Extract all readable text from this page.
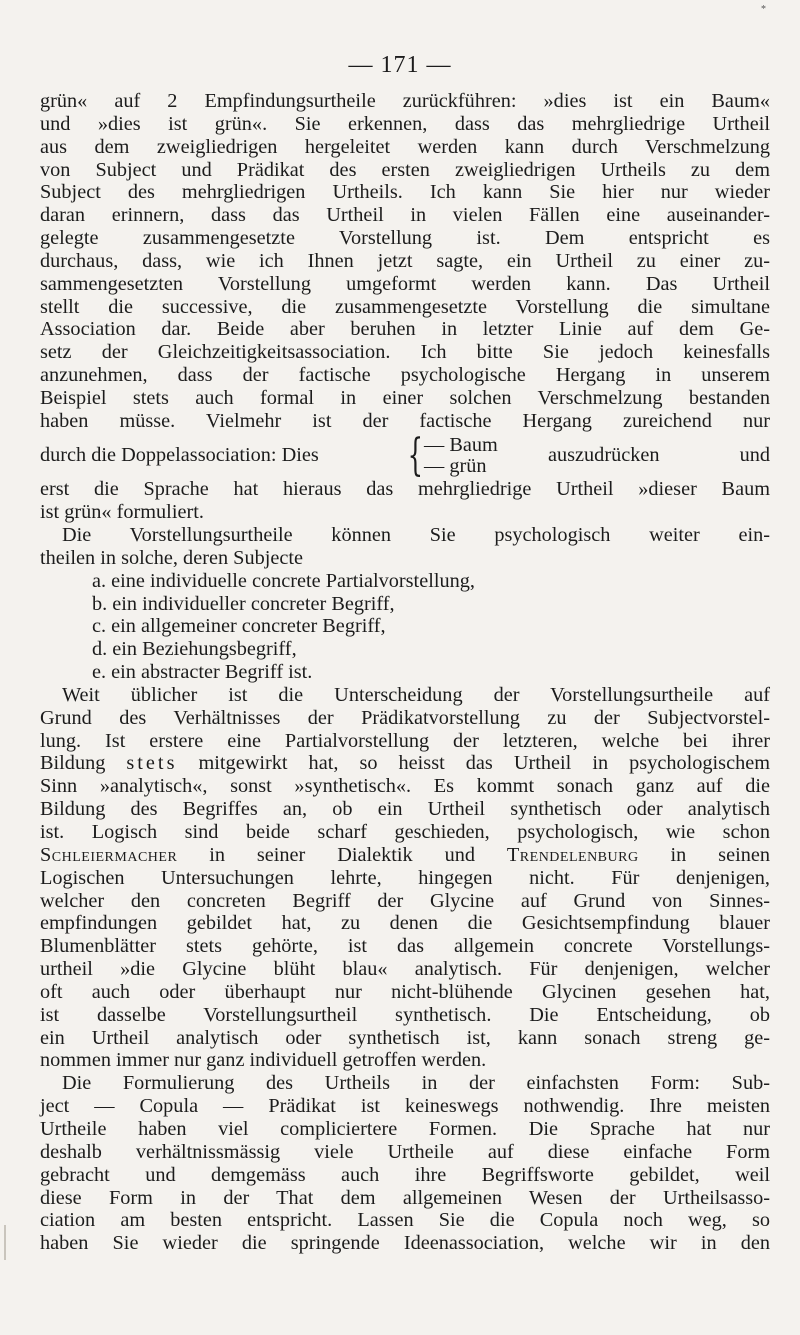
*
— 171 —
grün« auf 2 Empfindungsurtheile zurückführen: »dies ist ein Baum«
und »dies ist grün«. Sie erkennen, dass das mehrgliedrige Urtheil
aus dem zweigliedrigen hergeleitet werden kann durch Verschmelzung
von Subject und Prädikat des ersten zweigliedrigen Urtheils zu dem
Subject des mehrgliedrigen Urtheils. Ich kann Sie hier nur wieder
daran erinnern, dass das Urtheil in vielen Fällen eine auseinander-
gelegte zusammengesetzte Vorstellung ist. Dem entspricht es
durchaus, dass, wie ich Ihnen jetzt sagte, ein Urtheil zu einer zu-
sammengesetzten Vorstellung umgeformt werden kann. Das Urtheil
stellt die successive, die zusammengesetzte Vorstellung die simultane
Association dar. Beide aber beruhen in letzter Linie auf dem Ge-
setz der Gleichzeitigkeitsassociation. Ich bitte Sie jedoch keinesfalls
anzunehmen, dass der factische psychologische Hergang in unserem
Beispiel stets auch formal in einer solchen Verschmelzung bestanden
haben müsse. Vielmehr ist der factische Hergang zureichend nur
durch die Doppelassociation: Dies	{ — Baum
— grün	auszudrücken und
erst die Sprache hat hieraus das mehrgliedrige Urtheil »dieser Baum
ist grün« formuliert.
Die Vorstellungsurtheile können Sie psychologisch weiter ein-
theilen in solche, deren Subjecte
a. eine individuelle concrete Partialvorstellung,
b. ein individueller concreter Begriff,
c. ein allgemeiner concreter Begriff,
d. ein Beziehungsbegriff,
e. ein abstracter Begriff ist.
Weit üblicher ist die Unterscheidung der Vorstellungsurtheile auf
Grund des Verhältnisses der Prädikatvorstellung zu der Subjectvorstel-
lung. Ist erstere eine Partialvorstellung der letzteren, welche bei ihrer
Bildung stets mitgewirkt hat, so heisst das Urtheil in psychologischem
Sinn »analytisch«, sonst »synthetisch«. Es kommt sonach ganz auf die
Bildung des Begriffes an, ob ein Urtheil synthetisch oder analytisch
ist. Logisch sind beide scharf geschieden, psychologisch, wie schon
Schleiermacher in seiner Dialektik und Trendelenburg in seinen
Logischen Untersuchungen lehrte, hingegen nicht. Für denjenigen,
welcher den concreten Begriff der Glycine auf Grund von Sinnes-
empfindungen gebildet hat, zu denen die Gesichtsempfindung blauer
Blumenblätter stets gehörte, ist das allgemein concrete Vorstellungs-
urtheil »die Glycine blüht blau« analytisch. Für denjenigen, welcher
oft auch oder überhaupt nur nicht-blühende Glycinen gesehen hat,
ist dasselbe Vorstellungsurtheil synthetisch. Die Entscheidung, ob
ein Urtheil analytisch oder synthetisch ist, kann sonach streng ge-
nommen immer nur ganz individuell getroffen werden.
Die Formulierung des Urtheils in der einfachsten Form: Sub-
ject — Copula — Prädikat ist keineswegs nothwendig. Ihre meisten
Urtheile haben viel compliciertere Formen. Die Sprache hat nur
deshalb verhältnissmässig viele Urtheile auf diese einfache Form
gebracht und demgemäss auch ihre Begriffsworte gebildet, weil
diese Form in der That dem allgemeinen Wesen der Urtheilsasso-
ciation am besten entspricht. Lassen Sie die Copula noch weg, so
haben Sie wieder die springende Ideenassociation, welche wir in den
